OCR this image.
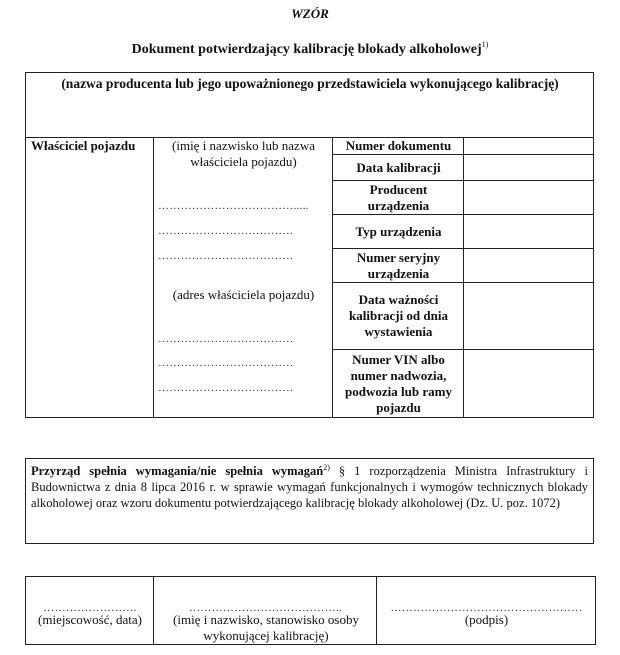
WZÓR
Dokument potwierdzający kalibrację blokady alkoholowej$^{1)}$
(nazwa producenta lub jego upoważnionego przedstawiciela wykonującego kalibrację)
Właściciel pojazdu	(imię i nazwisko lub nazwa właściciela pojazdu)
……………………………….....
………………………………
………………………………
(adres właściciela pojazdu)
………………………………
………………………………
………………………………
Numer dokumentu
Data kalibracji
Producent urządzenia
Typ urządzenia
Numer seryjny urządzenia
Data ważności kalibracji od dnia wystawienia
Numer VIN albo numer nadwozia, podwozia lub ramy pojazdu
Przyrząd spełnia wymagania/nie spełnia wymagań$^{2)}$ § 1 rozporządzenia Ministra Infrastruktury i Budownictwa z dnia 8 lipca 2016 r. w sprawie wymagań funkcjonalnych i wymogów technicznych blokady alkoholowej oraz wzoru dokumentu potwierdzającego kalibrację blokady alkoholowej (Dz. U. poz. 1072)
…………………….
(miejscowość, data)
…………………………………..
(imię i nazwisko, stanowisko osoby wykonującej kalibrację)
……………………………………………
(podpis)
